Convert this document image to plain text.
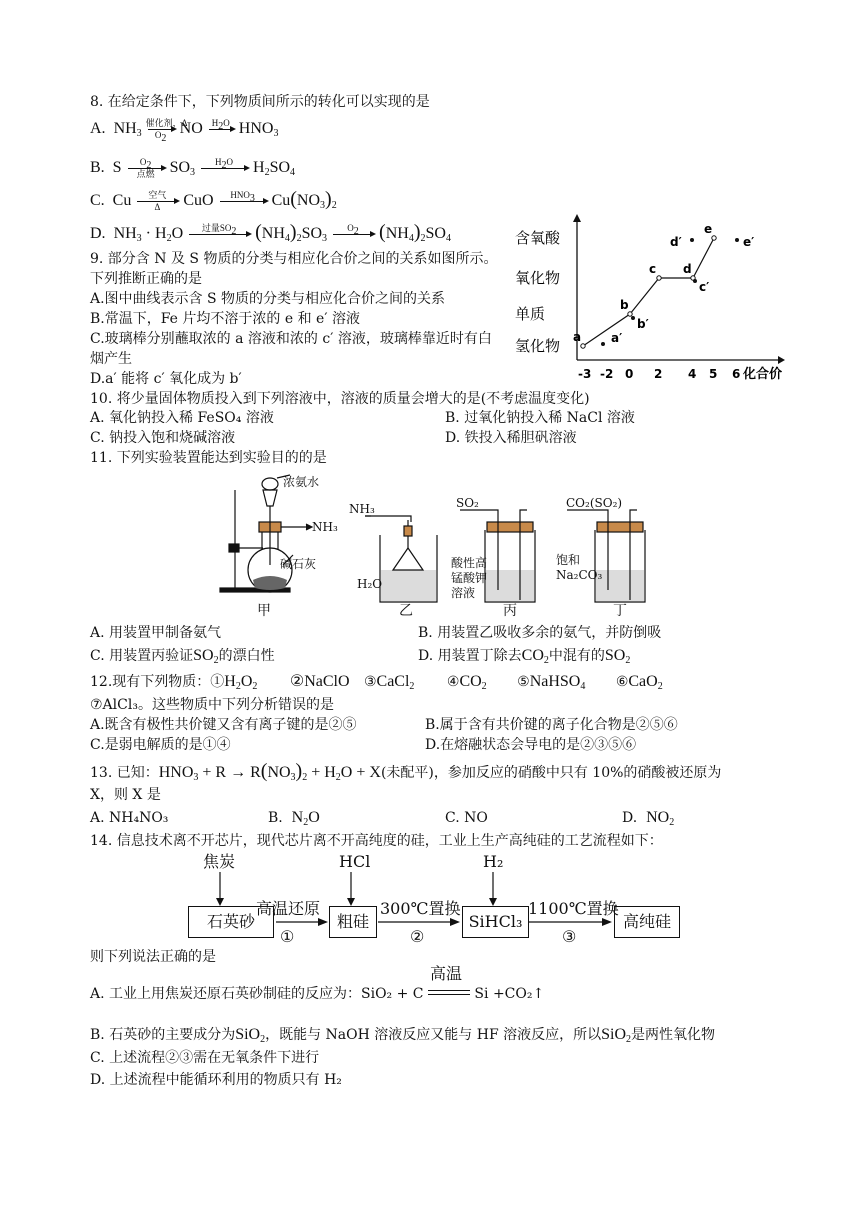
8. 在给定条件下，下列物质间所示的转化可以实现的是
A.  $NH_3$
催化剂，Δ
$O_2$
NO $H_2O$ $HNO_3$
B.  S	$O_2$
点燃 $SO_3$
$H_2O$	$H_2SO_4$
C.  Cu	空气
Δ	CuO	$HNO_3$ $Cu(NO_3)_2$
D.  $NH_3 \cdot H_2O$	过量$SO_2$ $(NH_4)_2SO_3$
$O_2$	$(NH_4)_2SO_4$
9. 部分含 N 及 S 物质的分类与相应化合价之间的关系如图所示。
下列推断正确的是
A.图中曲线表示含 S 物质的分类与相应化合价之间的关系
B.常温下，Fe 片均不溶于浓的 e 和 e′ 溶液
C.玻璃棒分别蘸取浓的 a 溶液和浓的 c′ 溶液，玻璃棒靠近时有白
烟产生
D.a′ 能将 c′ 氧化成为 b′
氢化物
单质
氧化物
含氧酸
-3 -2 0 2 4 5 6 化合价
a
b
c d
e
a′
b′
c′
d′	e′
10. 将少量固体物质投入到下列溶液中，溶液的质量会增大的是(不考虑温度变化)
A. 氧化钠投入稀 FeSO₄ 溶液	B. 过氧化钠投入稀 NaCl 溶液
C. 钠投入饱和烧碱溶液	D. 铁投入稀胆矾溶液
11. 下列实验装置能达到实验目的的是
浓氨水
NH₃
碱石灰
NH₃
H₂O
SO₂
酸性高
锰酸钾
溶液
CO₂(SO₂)
饱和
Na₂CO₃
甲	乙	丙	丁
A. 用装置甲制备氨气	B. 用装置乙吸收多余的氨气，并防倒吸
C. 用装置丙验证$SO_2$的漂白性	D. 用装置丁除去$CO_2$中混有的$SO_2$
12.现有下列物质：$①H_2O_2$ ②NaClO ③CaCl$_2$ $④CO_2$ ⑤NaHSO$_4$ ⑥CaO$_2$
⑦AlCl₃。这些物质中下列分析错误的是
A.既含有极性共价键又含有离子键的是②⑤	B.属于含有共价键的离子化合物是②⑤⑥
C.是弱电解质的是①④	D.在熔融状态会导电的是②③⑤⑥
13. 已知：$HNO_3 + R \to R(NO_3)_2 + H_2O + X$(未配平)，参加反应的硝酸中只有 10%的硝酸被还原为
X，则 X 是
A. NH₄NO₃	B. $N_2O$	C. NO	D. $NO_2$
14. 信息技术离不开芯片，现代芯片离不开高纯度的硅，工业上生产高纯硅的工艺流程如下：
焦炭	HCl	H₂
石英砂	粗硅	SiHCl₃	高纯硅
高温还原	300℃置换	1100℃置换
①	②	③
则下列说法正确的是
A. 工业上用焦炭还原石英砂制硅的反应为：SiO₂ + C
高温
Si +CO₂↑
B. 石英砂的主要成分为SiO$_2$，既能与 NaOH 溶液反应又能与 HF 溶液反应，所以SiO$_2$是两性氧化物
C. 上述流程②③需在无氧条件下进行
D. 上述流程中能循环利用的物质只有 H₂
